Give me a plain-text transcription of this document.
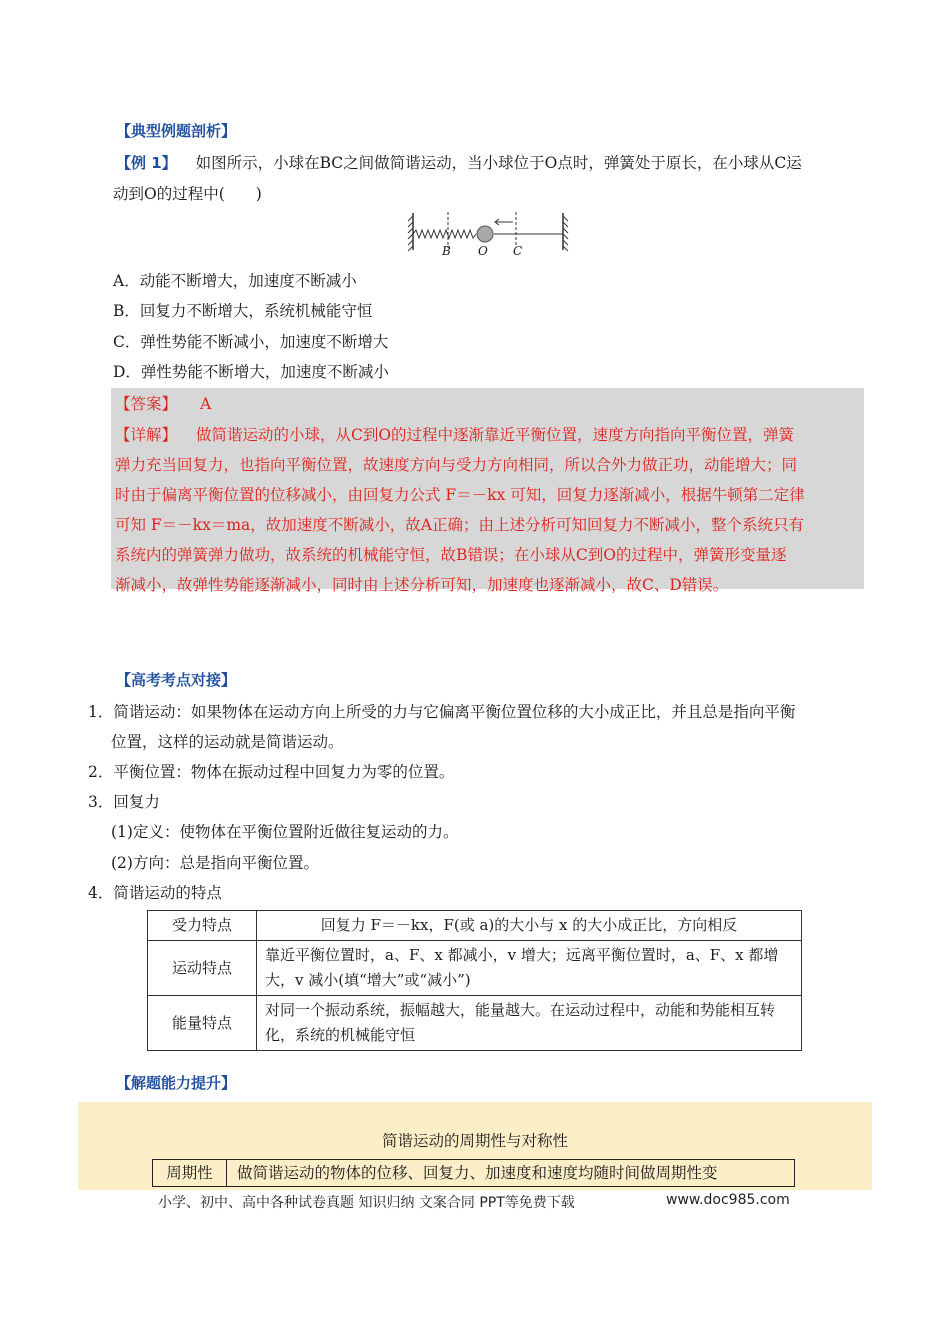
【典型例题剖析】
【例 1】 如图所示，小球在BC之间做简谐运动，当小球位于O点时，弹簧处于原长，在小球从C运
动到O的过程中(　　)
B O C
A．动能不断增大，加速度不断减小
B．回复力不断增大，系统机械能守恒
C．弹性势能不断减小，加速度不断增大
D．弹性势能不断增大，加速度不断减小
【答案】 A
【详解】 做简谐运动的小球，从C到O的过程中逐渐靠近平衡位置，速度方向指向平衡位置，弹簧
弹力充当回复力，也指向平衡位置，故速度方向与受力方向相同，所以合外力做正功，动能增大；同
时由于偏离平衡位置的位移减小，由回复力公式 F＝－kx 可知，回复力逐渐减小，根据牛顿第二定律
可知 F＝－kx＝ma，故加速度不断减小，故A正确；由上述分析可知回复力不断减小，整个系统只有
系统内的弹簧弹力做功，故系统的机械能守恒，故B错误；在小球从C到O的过程中，弹簧形变量逐
渐减小，故弹性势能逐渐减小，同时由上述分析可知，加速度也逐渐减小，故C、D错误。
【高考考点对接】
1．简谐运动：如果物体在运动方向上所受的力与它偏离平衡位置位移的大小成正比，并且总是指向平衡
位置，这样的运动就是简谐运动。
2．平衡位置：物体在振动过程中回复力为零的位置。
3．回复力
(1)定义：使物体在平衡位置附近做往复运动的力。
(2)方向：总是指向平衡位置。
4．简谐运动的特点
受力特点	回复力 F＝－kx，F(或 a)的大小与 x 的大小成正比，方向相反
运动特点	靠近平衡位置时，a、F、x 都减小，v 增大；远离平衡位置时，a、F、x 都增大，v 减小(填“增大”或“减小”)
能量特点	对同一个振动系统，振幅越大，能量越大。在运动过程中，动能和势能相互转化，系统的机械能守恒
【解题能力提升】
简谐运动的周期性与对称性
周期性	做简谐运动的物体的位移、回复力、加速度和速度均随时间做周期性变
小学、初中、高中各种试卷真题 知识归纳 文案合同 PPT等免费下载	www.doc985.com
